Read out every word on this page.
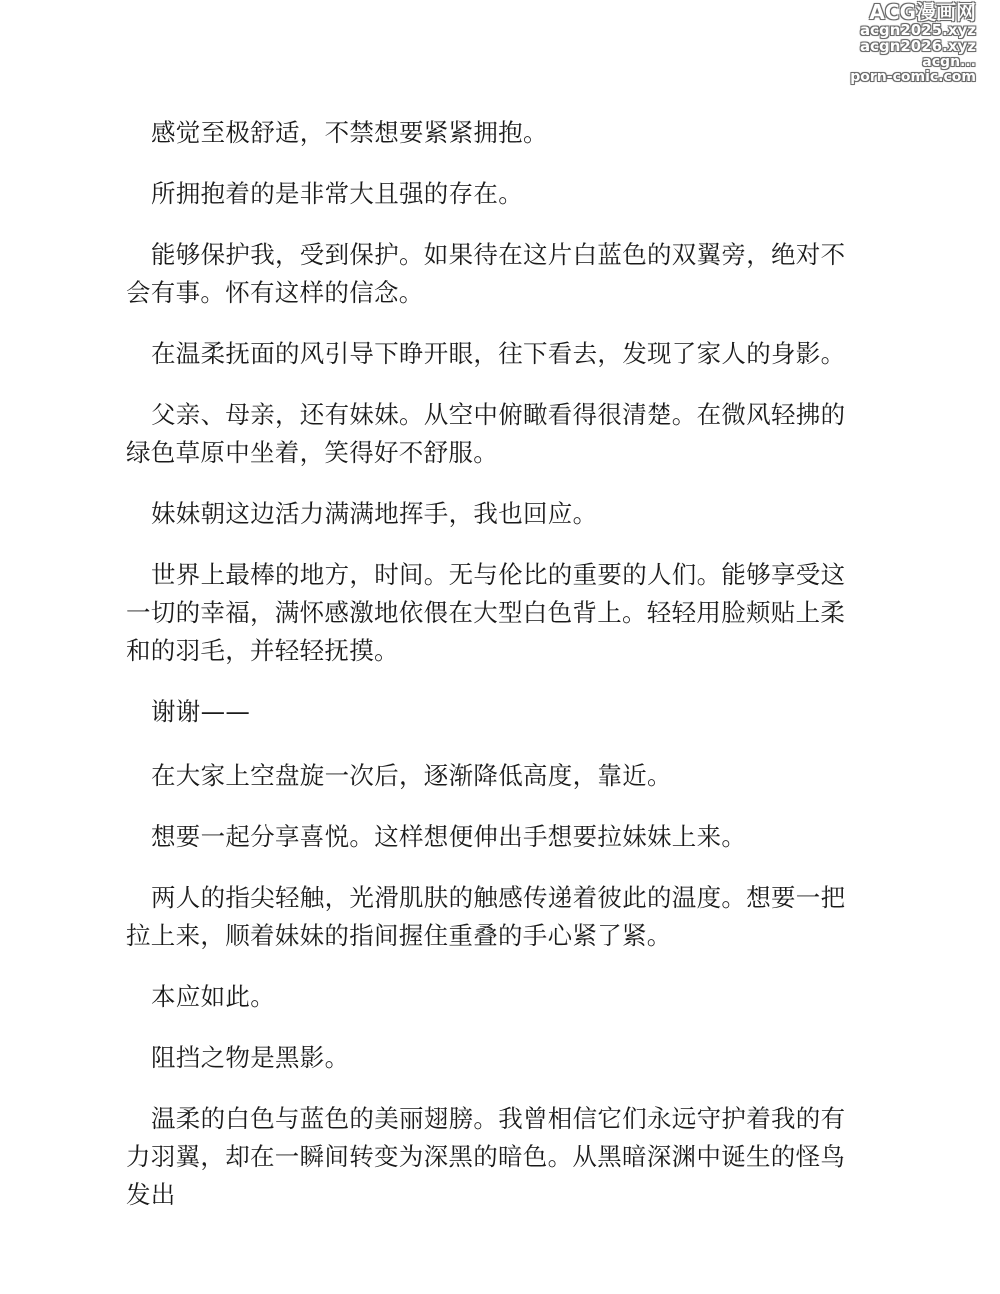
ACG漫画网
acgn2025.xyz
acgn2026.xyz
acgn...
porn-comic.com

感觉至极舒适，不禁想要紧紧拥抱。

所拥抱着的是非常大且强的存在。

能够保护我，受到保护。如果待在这片白蓝色的双翼旁，绝对不会有事。怀有这样的信念。

在温柔抚面的风引导下睁开眼，往下看去，发现了家人的身影。

父亲、母亲，还有妹妹。从空中俯瞰看得很清楚。在微风轻拂的绿色草原中坐着，笑得好不舒服。

妹妹朝这边活力满满地挥手，我也回应。

世界上最棒的地方，时间。无与伦比的重要的人们。能够享受这一切的幸福，满怀感激地依偎在大型白色背上。轻轻用脸颊贴上柔和的羽毛，并轻轻抚摸。

谢谢——

在大家上空盘旋一次后，逐渐降低高度，靠近。

想要一起分享喜悦。这样想便伸出手想要拉妹妹上来。

两人的指尖轻触，光滑肌肤的触感传递着彼此的温度。想要一把拉上来，顺着妹妹的指间握住重叠的手心紧了紧。

本应如此。

阻挡之物是黑影。

温柔的白色与蓝色的美丽翅膀。我曾相信它们永远守护着我的有力羽翼，却在一瞬间转变为深黑的暗色。从黑暗深渊中诞生的怪鸟发出
